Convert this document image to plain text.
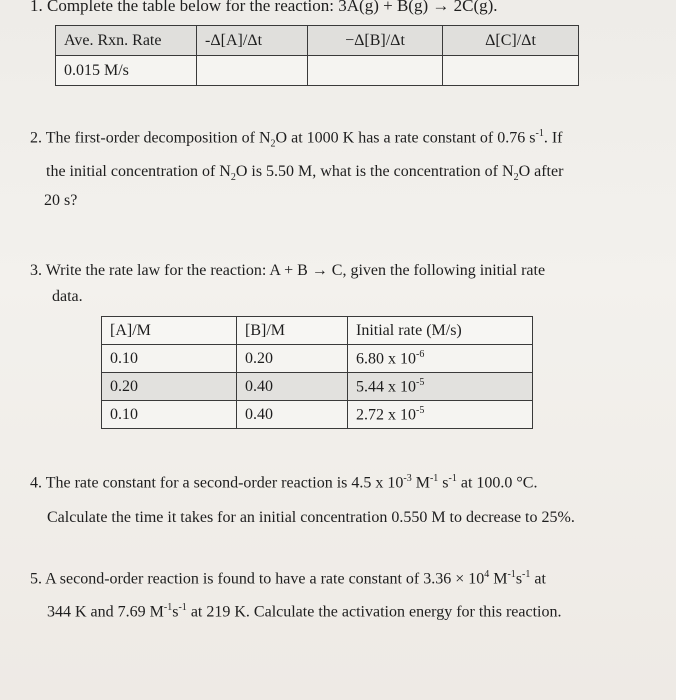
1. Complete the table below for the reaction: 3A(g) + B(g) → 2C(g).
Ave. Rxn. Rate	-Δ[A]/Δt	−Δ[B]/Δt	Δ[C]/Δt
0.015 M/s			
2. The first-order decomposition of $N_2O$ at 1000 K has a rate constant of 0.76 $s^{-1}$. If
the initial concentration of $N_2O$ is 5.50 M, what is the concentration of $N_2O$ after
20 s?
3. Write the rate law for the reaction: A + B → C, given the following initial rate
data.
[A]/M	[B]/M	Initial rate (M/s)
0.10	0.20	6.80 x $10^{-6}$
0.20	0.40	5.44 x $10^{-5}$
0.10	0.40	2.72 x $10^{-5}$
4. The rate constant for a second-order reaction is 4.5 x $10^{-3}$ $M^{-1}$ $s^{-1}$ at 100.0 °C.
Calculate the time it takes for an initial concentration 0.550 M to decrease to 25%.
5. A second-order reaction is found to have a rate constant of $3.36 \times 10^4$ $M^{-1}s^{-1}$ at
344 K and 7.69 $M^{-1}s^{-1}$ at 219 K. Calculate the activation energy for this reaction.
